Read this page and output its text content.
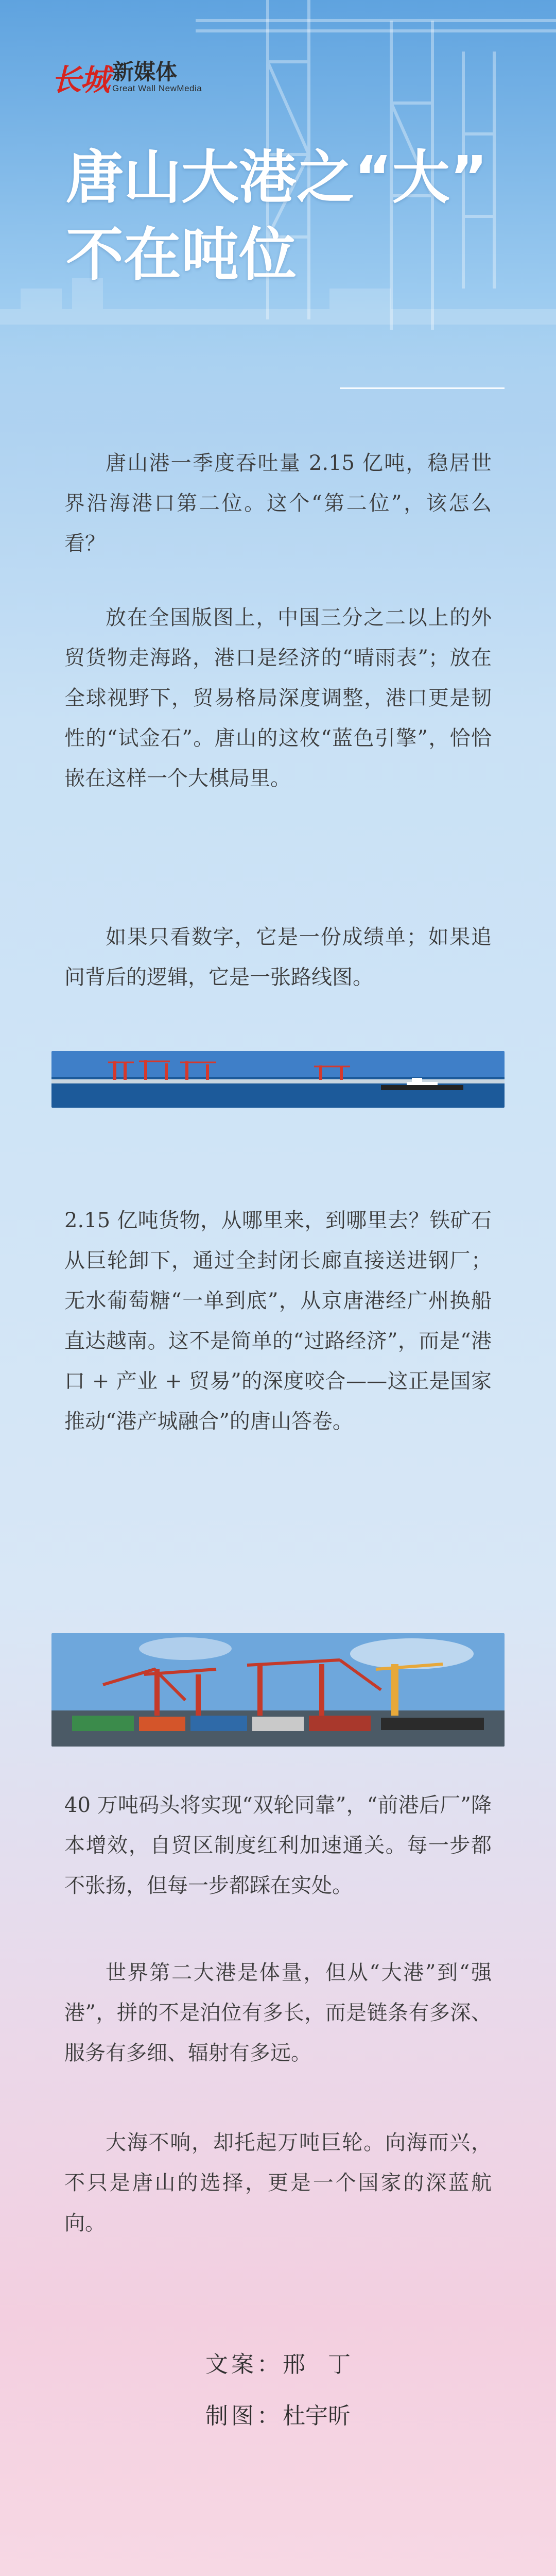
长城 新媒体
Great Wall NewMedia
唐山大港之“大”
不在吨位

唐山港一季度吞吐量 2.15 亿吨，稳居世界沿海港口第二位。这个“第二位”，该怎么看？

放在全国版图上，中国三分之二以上的外贸货物走海路，港口是经济的“晴雨表”；放在全球视野下，贸易格局深度调整，港口更是韧性的“试金石”。唐山的这枚“蓝色引擎”，恰恰嵌在这样一个大棋局里。

如果只看数字，它是一份成绩单；如果追问背后的逻辑，它是一张路线图。

2.15 亿吨货物，从哪里来，到哪里去？铁矿石从巨轮卸下，通过全封闭长廊直接送进钢厂；无水葡萄糖“一单到底”，从京唐港经广州换船直达越南。这不是简单的“过路经济”，而是“港口 + 产业 + 贸易”的深度咬合——这正是国家推动“港产城融合”的唐山答卷。

40 万吨码头将实现“双轮同靠”，“前港后厂”降本增效，自贸区制度红利加速通关。每一步都不张扬，但每一步都踩在实处。

世界第二大港是体量，但从“大港”到“强港”，拼的不是泊位有多长，而是链条有多深、服务有多细、辐射有多远。

大海不响，却托起万吨巨轮。向海而兴，不只是唐山的选择，更是一个国家的深蓝航向。

文案：邢　丁
制图：杜宇昕
